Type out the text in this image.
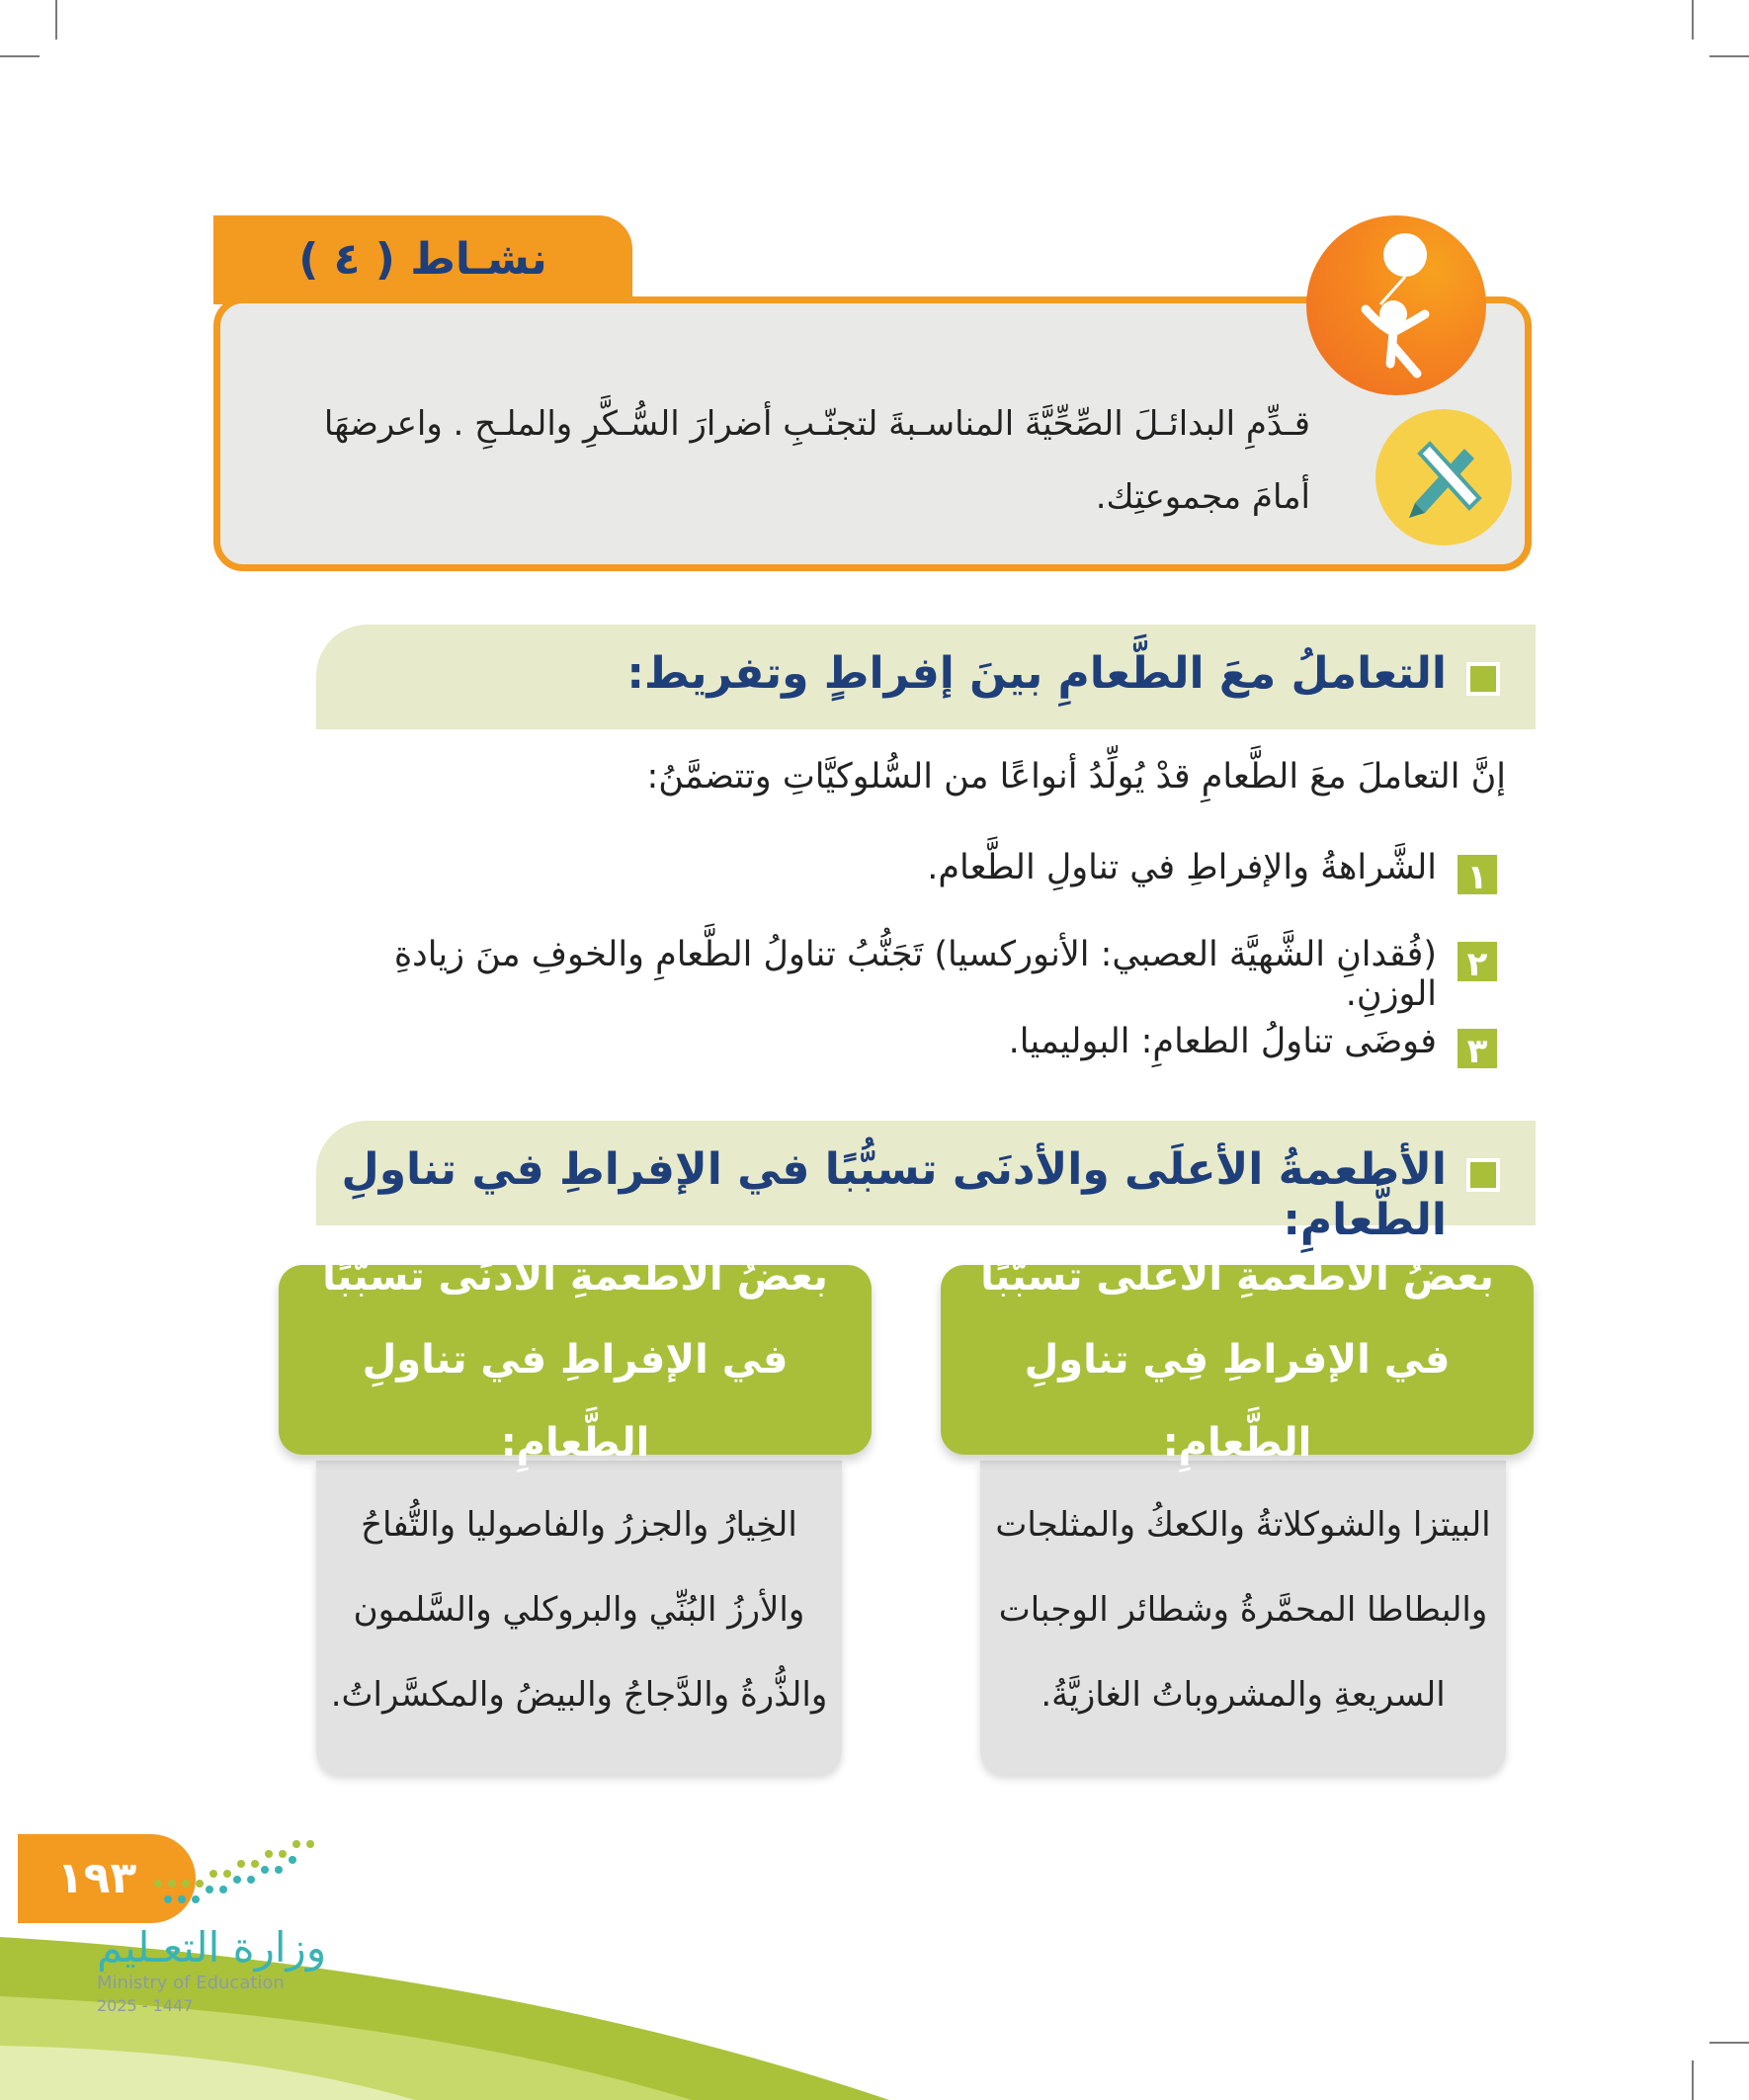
نشـاط ( ٤ )
قـدِّمِ البدائـلَ الصِّحِّيَّةَ المناسـبةَ لتجنّـبِ أضرارَ السُّـكَّرِ والملـحِ . واعرضهَا أمامَ مجموعتِك.
التعاملُ معَ الطَّعامِ بينَ إفراطٍ وتفريط:
إنَّ التعاملَ معَ الطَّعامِ قدْ يُولِّدُ أنواعًا من السُّلوكيَّاتِ وتتضمَّنُ:
١
الشَّراهةُ والإفراطِ في تناولِ الطَّعام.
٢
(فُقدانِ الشَّهيَّة العصبي: الأنوركسيا) تَجَنُّبُ تناولُ الطَّعامِ والخوفِ منَ زيادةِ الوزنِ.
٣
فوضَى تناولُ الطعامِ: البوليميا.
الأطعمةُ الأعلَى والأدنَى تسبُّبًا في الإفراطِ في تناولِ الطَّعامِ:
بعضُ الأطعمةِ الأعلَى تسبُّبًا في الإفراطِ فِي تناولِ الطَّعامِ:
البيتزا والشوكلاتةُ والكعكُ والمثلجات
والبطاطا المحمَّرةُ وشطائر الوجبات
السريعةِ والمشروباتُ الغازيَّةُ.
بعضُ الأطعمةِ الأدنَى تسبُّبًا في الإفراطِ في تناولِ الطَّعامِ:
الخِيارُ والجزرُ والفاصوليا والتُّفاحُ
والأرزُ البُنِّي والبروكلي والسَّلمون
والذُّرةُ والدَّجاجُ والبيضُ والمكسَّراتُ.
١٩٣
وزارة التعـليم
Ministry of Education
2025 - 1447
